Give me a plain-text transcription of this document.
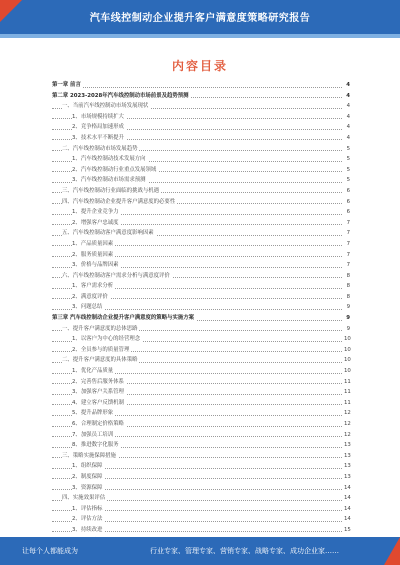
汽车线控制动企业提升客户满意度策略研究报告
内容目录
第一章 前言	4
第二章 2023-2028年汽车线控制动市场前景及趋势预测	4
一、当前汽车线控制动市场发展现状	4
1、市场规模持续扩大	4
2、竞争格局加速形成	4
3、技术水平不断提升	4
二、汽车线控制动市场发展趋势	5
1、汽车线控制动技术发展方向	5
2、汽车线控制动行业重点发展领域	5
3、汽车线控制动市场需求预测	5
三、汽车线控制动行业面临的挑战与机遇	6
四、汽车线控制动企业提升客户满意度的必要性	6
1、提升企业竞争力	6
2、增强客户忠诚度	7
五、汽车线控制动客户满意度影响因素	7
1、产品质量因素	7
2、服务质量因素	7
3、价格与品牌因素	7
六、汽车线控制动客户需求分析与满意度评价	8
1、客户需求分析	8
2、满意度评价	8
3、问题总结	9
第三章 汽车线控制动企业提升客户满意度的策略与实施方案	9
一、提升客户满意度的总体思路	9
1、以客户为中心的经营理念	10
2、全员参与的质量管理	10
二、提升客户满意度的具体策略	10
1、优化产品质量	10
2、完善售后服务体系	11
3、加强客户关系管理	11
4、建立客户反馈机制	11
5、提升品牌形象	12
6、合理制定价格策略	12
7、加强员工培训	12
8、推进数字化服务	13
三、策略实施保障措施	13
1、组织保障	13
2、制度保障	13
3、资源保障	14
四、实施效果评估	14
1、评估指标	14
2、评估方法	14
3、持续改进	15
让每个人都能成为	行业专家、管理专家、营销专家、战略专家、成功企业家……
